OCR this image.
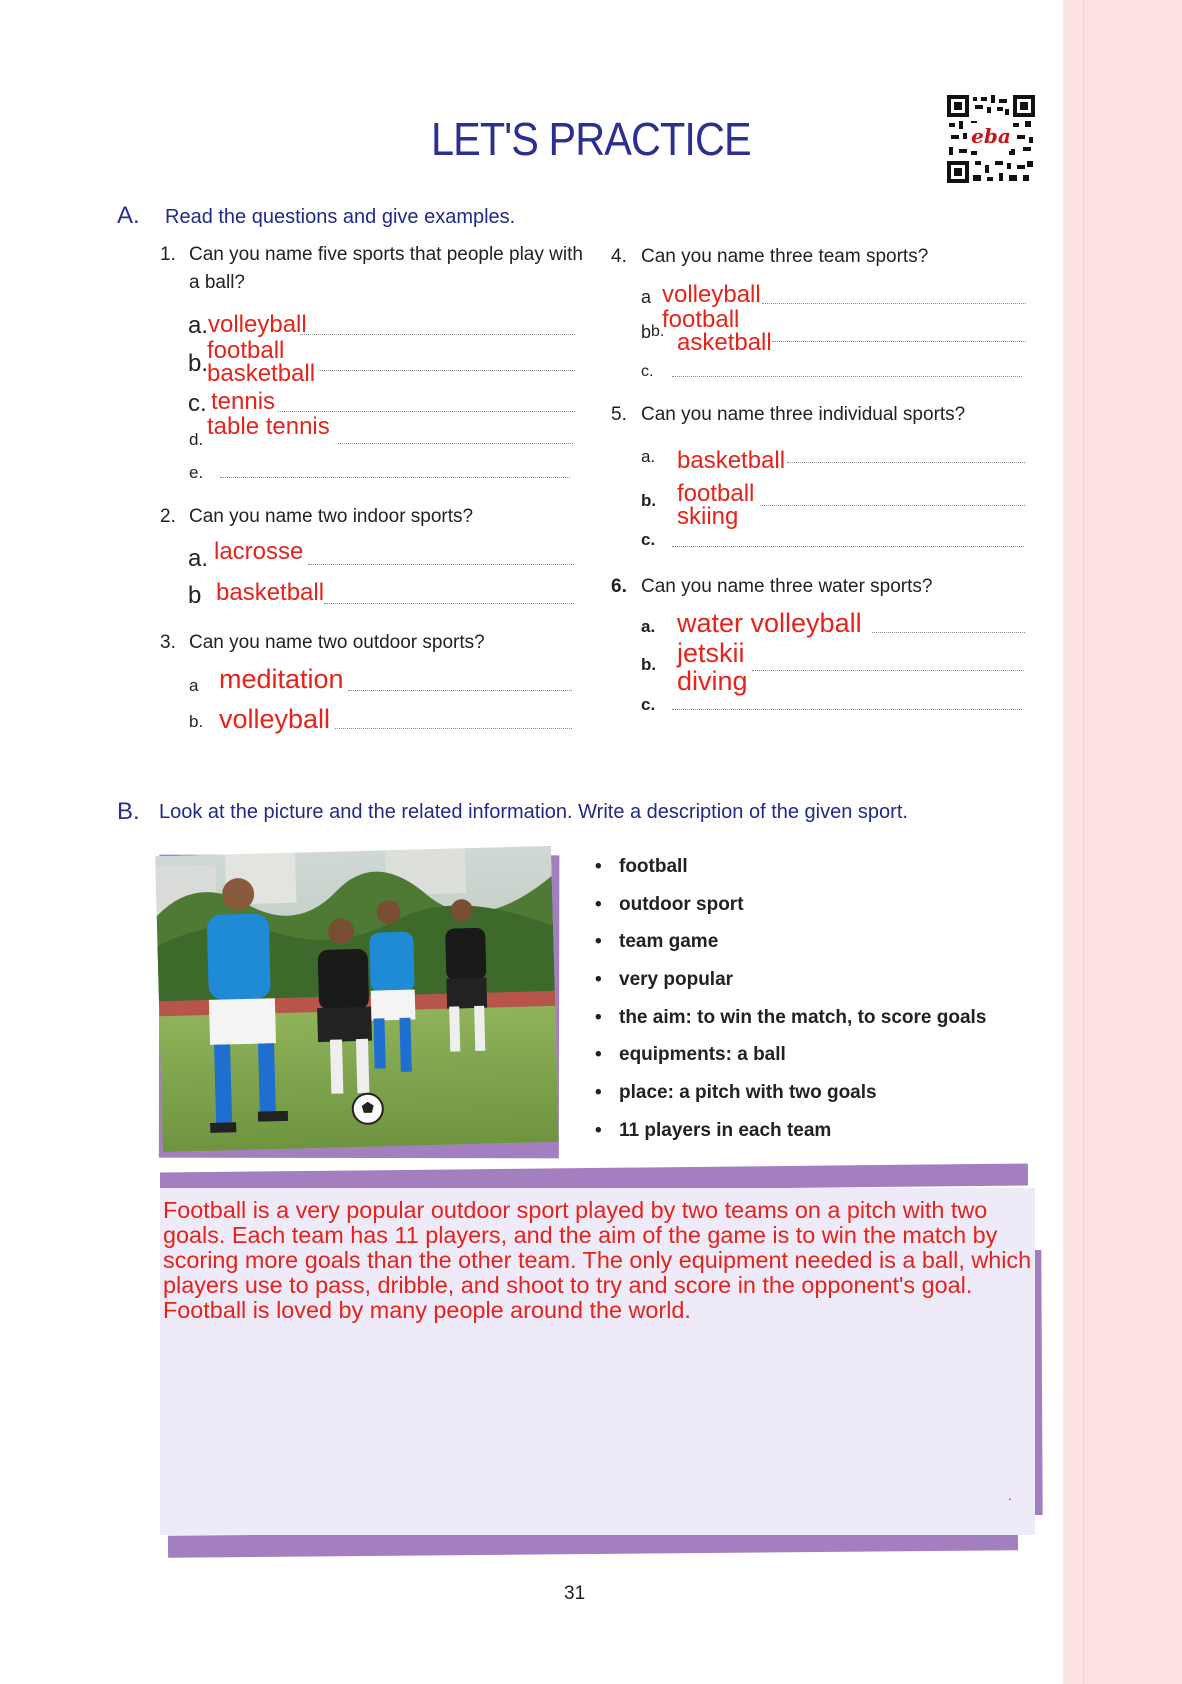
LET'S PRACTICE	eba
A. Read the questions and give examples.
1. Can you name five sports that people play with a ball?
a. volleyball
b.
football
basketball
c. tennis
d. table tennis
e.
2. Can you name two indoor sports?
a. lacrosse
b basketball
3. Can you name two outdoor sports?
a meditation
b. volleyball
4. Can you name three team sports?
a volleyball
b b.
football
asketball
c.
5. Can you name three individual sports?
a. basketball
b. football
skiing
c.
6. Can you name three water sports?
a. water volleyball
b. jetskii
diving
c.
B. Look at the picture and the related information. Write a description of the given sport.
• football
• outdoor sport
• team game
• very popular
• the aim: to win the match, to score goals
• equipments: a ball
• place: a pitch with two goals
• 11 players in each team
Football is a very popular outdoor sport played by two teams on a pitch with two goals. Each team has 11 players, and the aim of the game is to win the match by scoring more goals than the other team. The only equipment needed is a ball, which players use to pass, dribble, and shoot to try and score in the opponent's goal. Football is loved by many people around the world.
.
31
